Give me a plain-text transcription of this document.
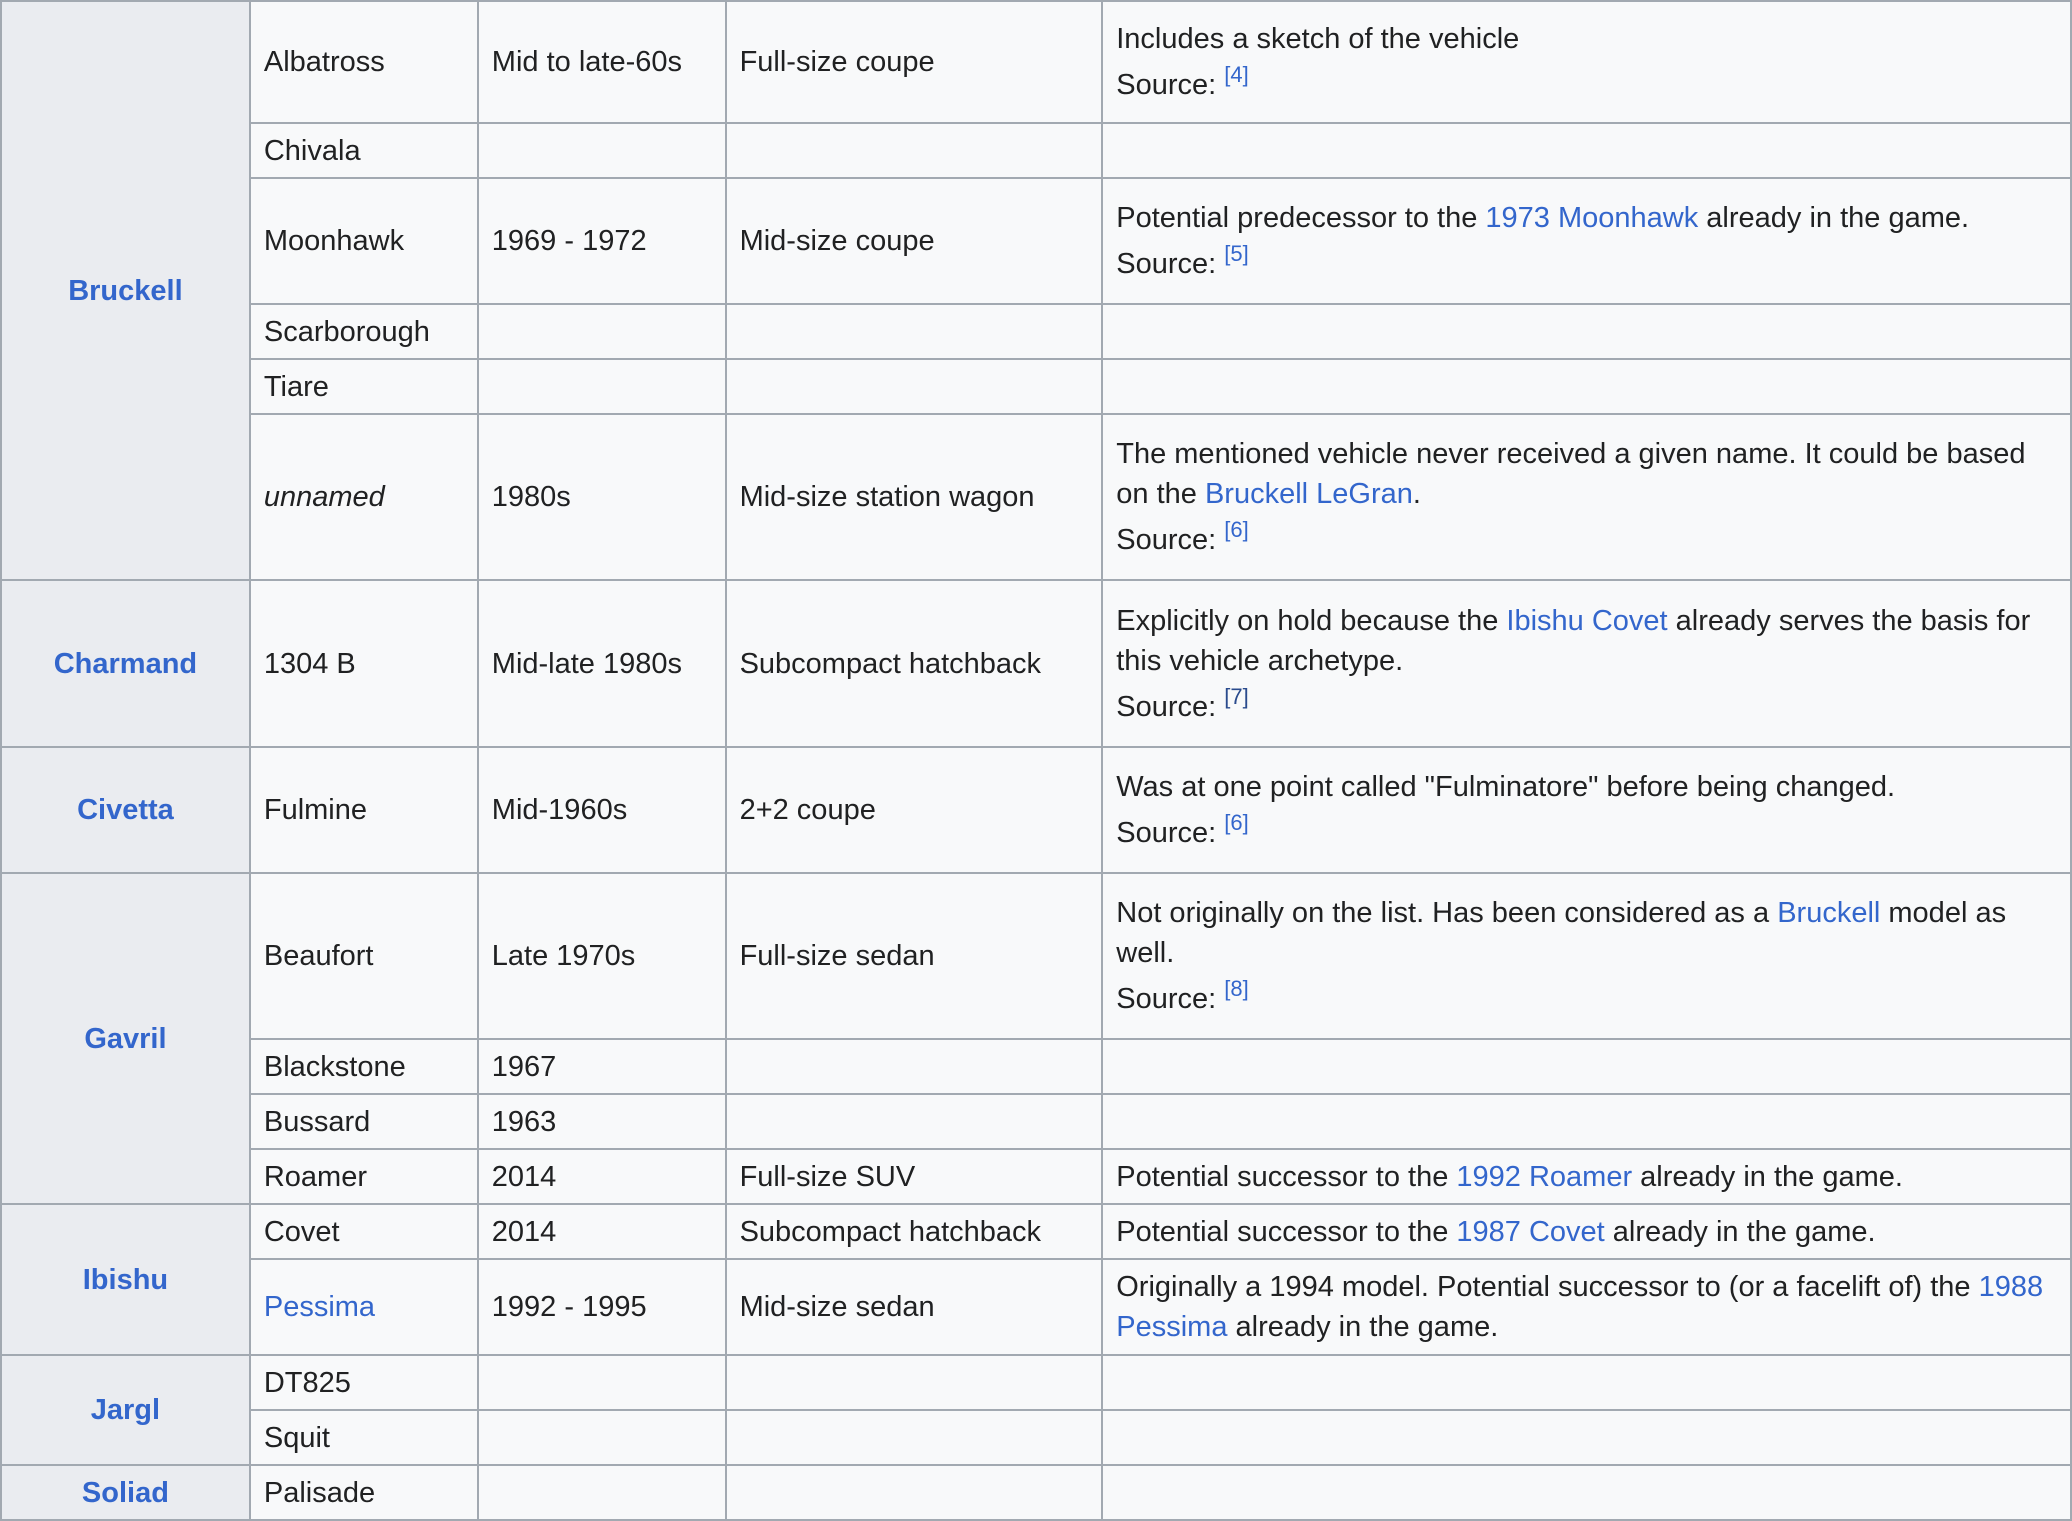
Bruckell	Albatross	Mid to late-60s	Full-size coupe	Includes a sketch of the vehicle
Source: [4]

	Chivala			
	Moonhawk	1969 - 1972	Mid-size coupe	Potential predecessor to the 1973 Moonhawk already in the game.
Source: [5]

	Scarborough			
	Tiare			
	unnamed	1980s	Mid-size station wagon	The mentioned vehicle never received a given name. It could be based on the Bruckell LeGran.
Source: [6]

Charmand	1304 B	Mid-late 1980s	Subcompact hatchback	Explicitly on hold because the Ibishu Covet already serves the basis for this vehicle archetype.
Source: [7]

Civetta	Fulmine	Mid-1960s	2+2 coupe	Was at one point called "Fulminatore" before being changed.
Source: [6]

Gavril	Beaufort	Late 1970s	Full-size sedan	Not originally on the list. Has been considered as a Bruckell model as well.
Source: [8]

	Blackstone	1967		
	Bussard	1963		
	Roamer	2014	Full-size SUV	Potential successor to the 1992 Roamer already in the game.
Ibishu	Covet	2014	Subcompact hatchback	Potential successor to the 1987 Covet already in the game.
	Pessima	1992 - 1995	Mid-size sedan	Originally a 1994 model. Potential successor to (or a facelift of) the 1988 Pessima already in the game.
Jargl	DT825			
	Squit			
Soliad	Palisade			
